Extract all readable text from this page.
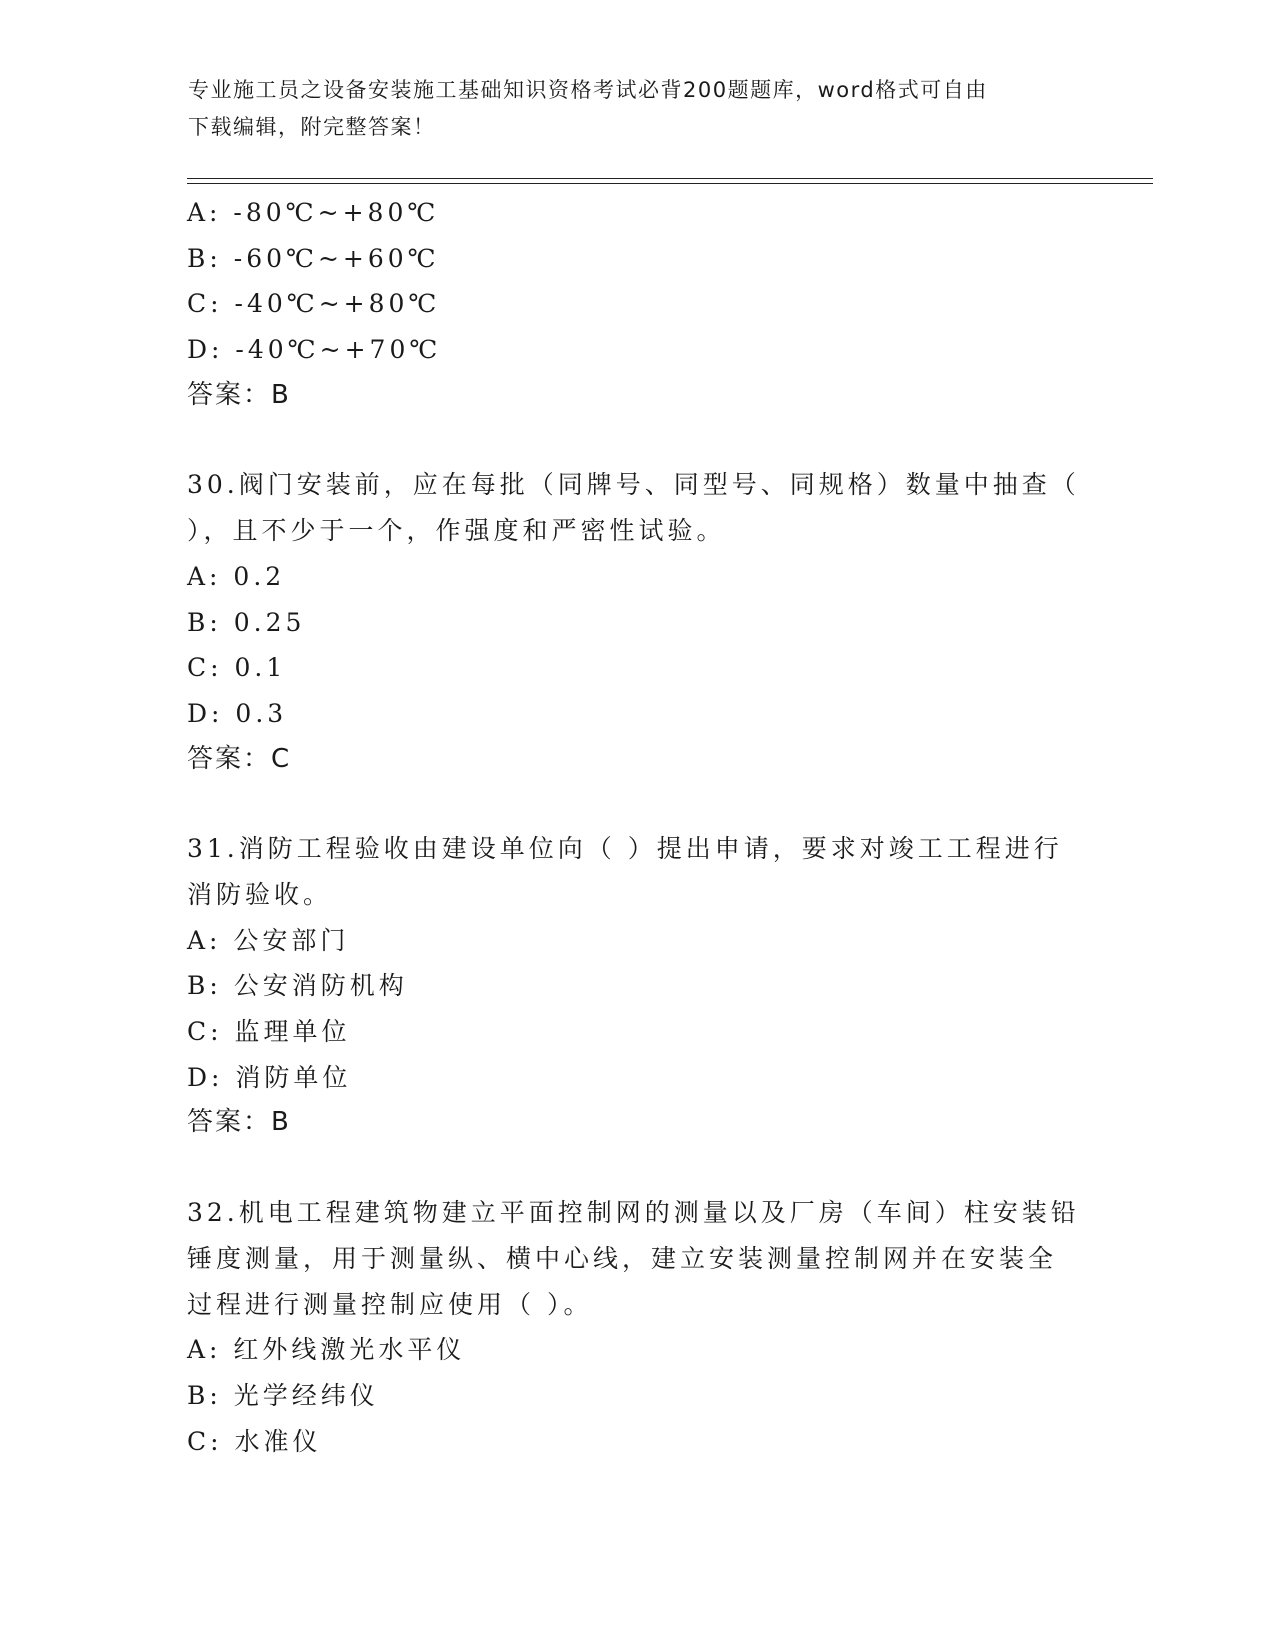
专业施工员之设备安装施工基础知识资格考试必背200题题库，word格式可自由
下载编辑，附完整答案！
A: -80℃~+80℃
B: -60℃~+60℃
C: -40℃~+80℃
D: -40℃~+70℃
答案：B
30.阀门安装前，应在每批（同牌号、同型号、同规格）数量中抽查（
），且不少于一个，作强度和严密性试验。
A: 0.2
B: 0.25
C: 0.1
D: 0.3
答案：C
31.消防工程验收由建设单位向（ ）提出申请，要求对竣工工程进行
消防验收。
A: 公安部门
B: 公安消防机构
C: 监理单位
D: 消防单位
答案：B
32.机电工程建筑物建立平面控制网的测量以及厂房（车间）柱安装铅
锤度测量，用于测量纵、横中心线，建立安装测量控制网并在安装全
过程进行测量控制应使用（ ）。
A: 红外线激光水平仪
B: 光学经纬仪
C: 水准仪
